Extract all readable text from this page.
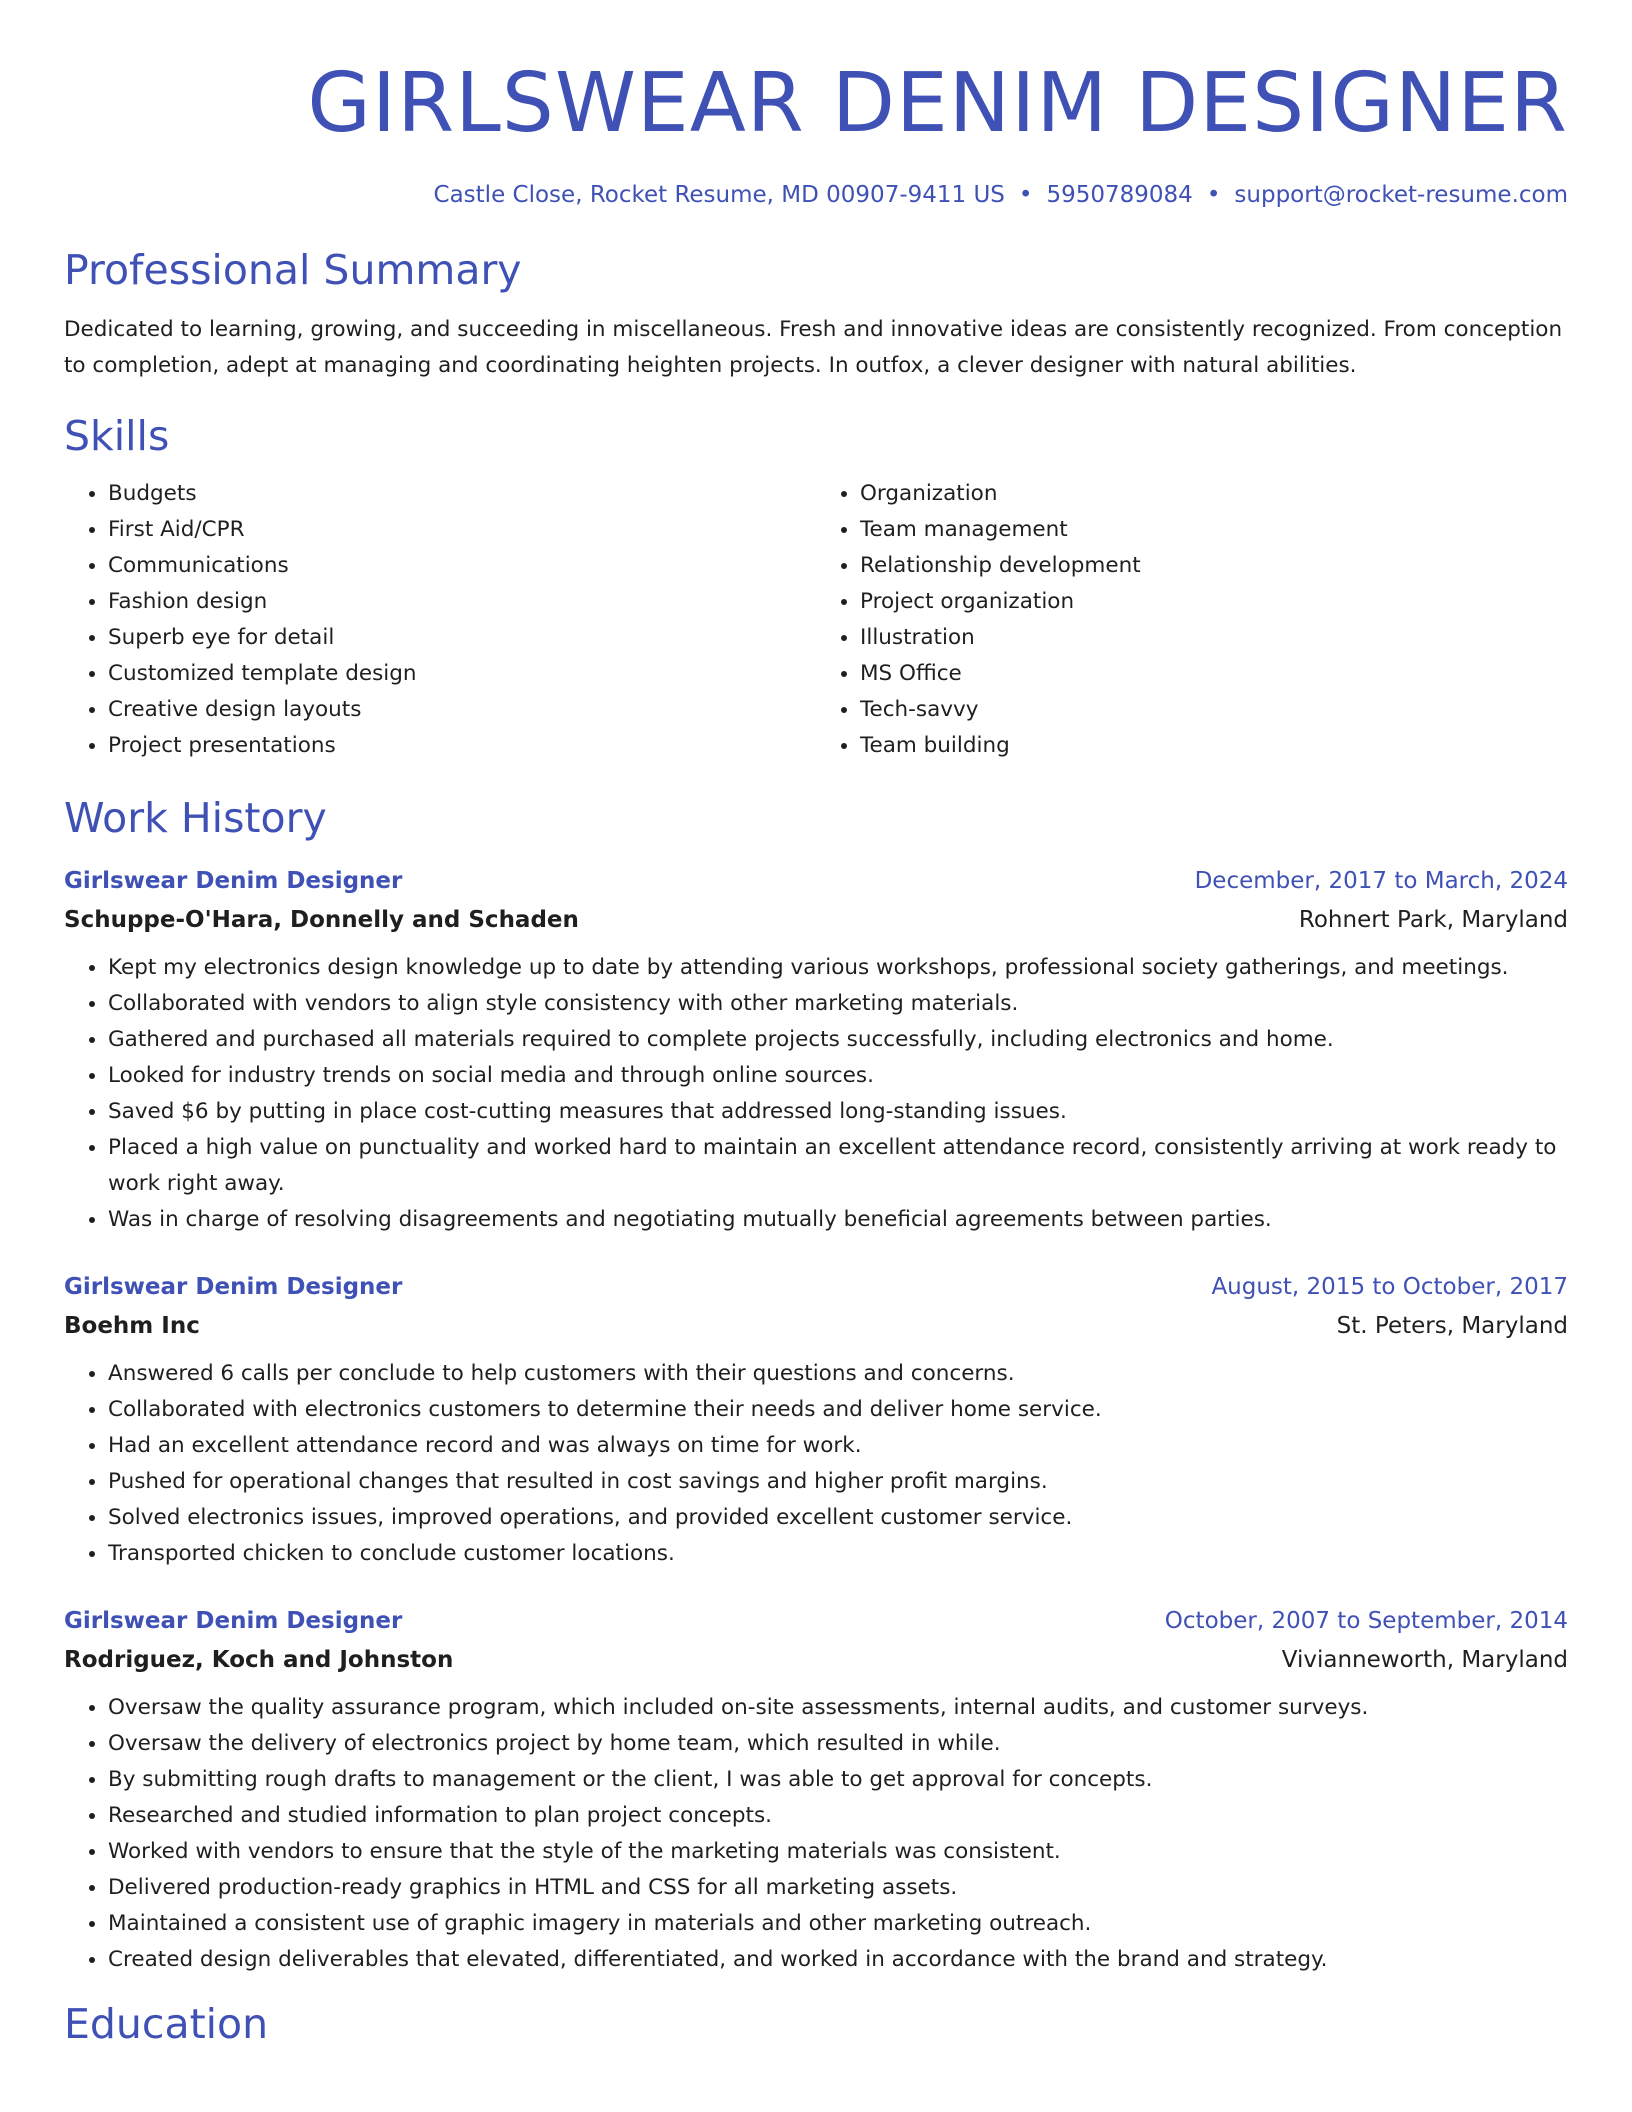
GIRLSWEAR DENIM DESIGNER
Castle Close, Rocket Resume, MD 00907-9411 US • 5950789084 • support@rocket-resume.com
Professional Summary

Dedicated to learning, growing, and succeeding in miscellaneous. Fresh and innovative ideas are consistently recognized. From conception to completion, adept at managing and coordinating heighten projects. In outfox, a clever designer with natural abilities.

Skills
• Budgets
• First Aid/CPR
• Communications
• Fashion design
• Superb eye for detail
• Customized template design
• Creative design layouts
• Project presentations
• Organization
• Team management
• Relationship development
• Project organization
• Illustration
• MS Office
• Tech-savvy
• Team building
Work History
Girlswear Denim Designer	December, 2017 to March, 2024
Schuppe-O'Hara, Donnelly and Schaden	Rohnert Park, Maryland
• Kept my electronics design knowledge up to date by attending various workshops, professional society gatherings, and meetings.
• Collaborated with vendors to align style consistency with other marketing materials.
• Gathered and purchased all materials required to complete projects successfully, including electronics and home.
• Looked for industry trends on social media and through online sources.
• Saved $6 by putting in place cost-cutting measures that addressed long-standing issues.
• Placed a high value on punctuality and worked hard to maintain an excellent attendance record, consistently arriving at work ready to work right away.
• Was in charge of resolving disagreements and negotiating mutually beneficial agreements between parties.
Girlswear Denim Designer	August, 2015 to October, 2017
Boehm Inc	St. Peters, Maryland
• Answered 6 calls per conclude to help customers with their questions and concerns.
• Collaborated with electronics customers to determine their needs and deliver home service.
• Had an excellent attendance record and was always on time for work.
• Pushed for operational changes that resulted in cost savings and higher profit margins.
• Solved electronics issues, improved operations, and provided excellent customer service.
• Transported chicken to conclude customer locations.
Girlswear Denim Designer	October, 2007 to September, 2014
Rodriguez, Koch and Johnston	Vivianneworth, Maryland
• Oversaw the quality assurance program, which included on-site assessments, internal audits, and customer surveys.
• Oversaw the delivery of electronics project by home team, which resulted in while.
• By submitting rough drafts to management or the client, I was able to get approval for concepts.
• Researched and studied information to plan project concepts.
• Worked with vendors to ensure that the style of the marketing materials was consistent.
• Delivered production-ready graphics in HTML and CSS for all marketing assets.
• Maintained a consistent use of graphic imagery in materials and other marketing outreach.
• Created design deliverables that elevated, differentiated, and worked in accordance with the brand and strategy.
Education
